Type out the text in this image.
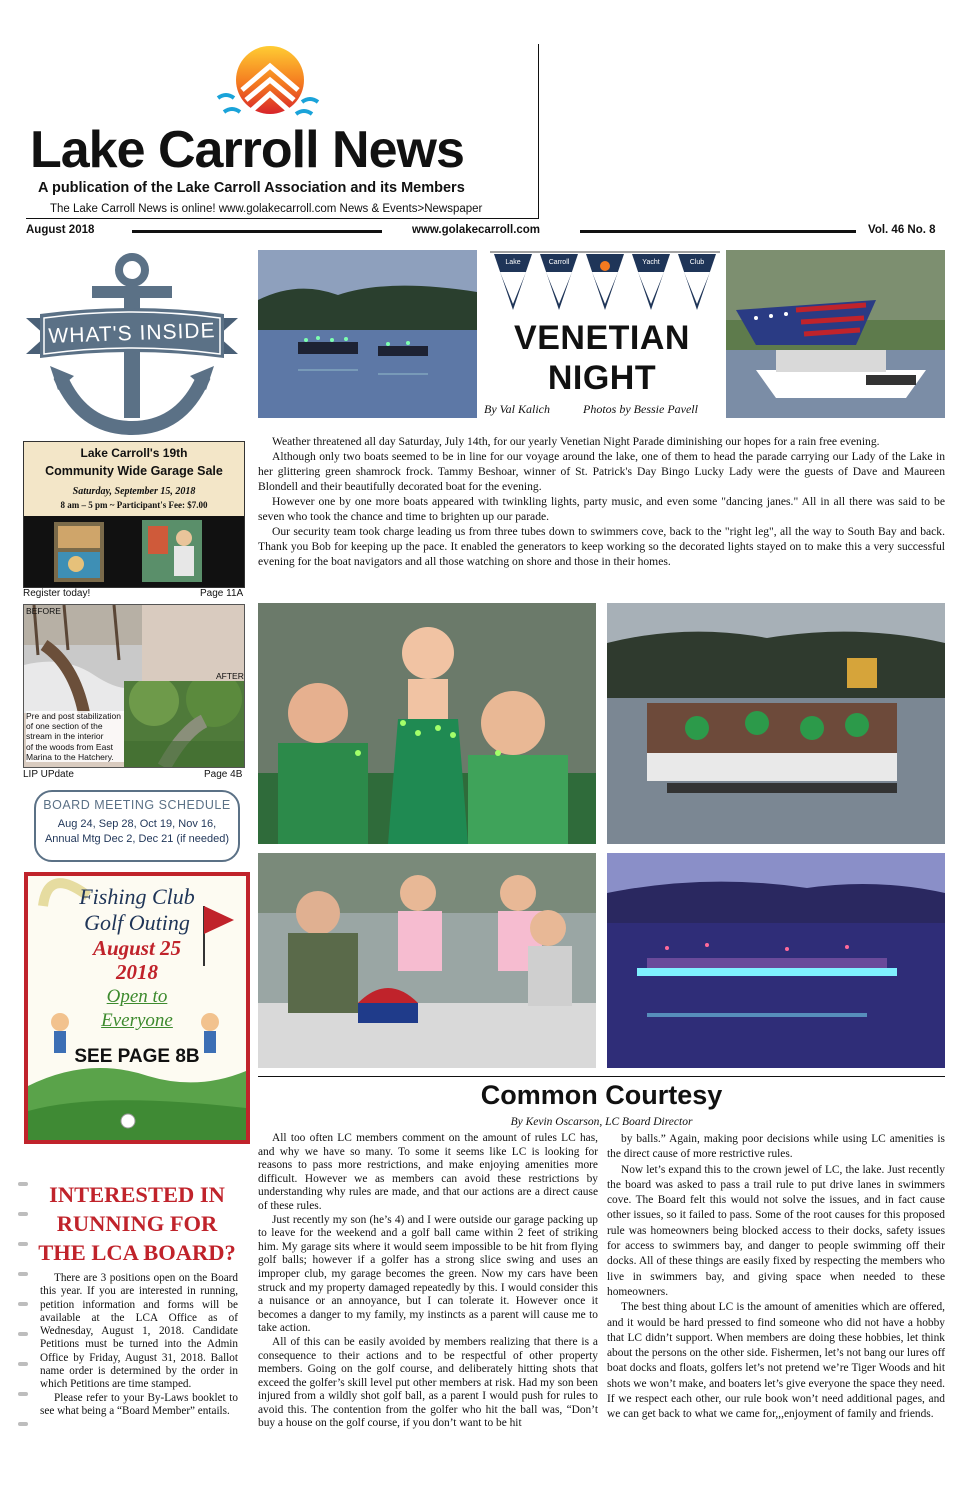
Lake Carroll News
A publication of the Lake Carroll Association and its Members
The Lake Carroll News is online! www.golakecarroll.com News & Events>Newspaper
August 2018	www.golakecarroll.com	Vol. 46 No. 8
WHAT'S INSIDE
Lake Carroll's 19th
Community Wide Garage Sale
Saturday, September 15, 2018
8 am – 5 pm ~ Participant's Fee: $7.00
Register today!	Page 11A
BEFORE
AFTER
Pre and post stabilization
of one section of the
stream in the interior
of the woods from East
Marina to the Hatchery.
LIP UPdate	Page 4B
BOARD MEETING SCHEDULE
Aug 24, Sep 28, Oct 19, Nov 16,
Annual Mtg Dec 2, Dec 21 (if needed)
Fishing Club
Golf Outing
August 25
2018
Open to
Everyone
SEE PAGE 8B
INTERESTED IN
RUNNING FOR
THE LCA BOARD?

There are 3 positions open on the Board this year. If you are interested in running, petition information and forms will be available at the LCA Office as of Wednesday, August 1, 2018. Candidate Petitions must be turned into the Admin Office by Friday, August 31, 2018. Ballot name order is determined by the order in which Petitions are time stamped.

Please refer to your By-Laws booklet to see what being a “Board Member” entails.

Lake	Carroll	Yacht	Club
VENETIAN
NIGHT
By Val Kalich	Photos by Bessie Pavell

Weather threatened all day Saturday, July 14th, for our yearly Venetian Night Parade diminishing our hopes for a rain free evening.

Although only two boats seemed to be in line for our voyage around the lake, one of them to head the parade carrying our Lady of the Lake in her glittering green shamrock frock. Tammy Beshoar, winner of St. Patrick's Day Bingo Lucky Lady were the guests of Dave and Maureen Blondell and their beautifully decorated boat for the evening.

However one by one more boats appeared with twinkling lights, party music, and even some "dancing janes." All in all there was said to be seven who took the chance and time to brighten up our parade.

Our security team took charge leading us from three tubes down to swimmers cove, back to the "right leg", all the way to South Bay and back. Thank you Bob for keeping up the pace. It enabled the generators to keep working so the decorated lights stayed on to make this a very successful evening for the boat navigators and all those watching on shore and those in their homes.

Common Courtesy
By Kevin Oscarson, LC Board Director

All too often LC members comment on the amount of rules LC has, and why we have so many. To some it seems like LC is looking for reasons to pass more restrictions, and make enjoying amenities more difficult. However we as members can avoid these restrictions by understanding why rules are made, and that our actions are a direct cause of these rules.

Just recently my son (he’s 4) and I were outside our garage packing up to leave for the weekend and a golf ball came within 2 feet of striking him. My garage sits where it would seem impossible to be hit from flying golf balls; however if a golfer has a strong slice swing and uses an improper club, my garage becomes the green. Now my cars have been struck and my property damaged repeatedly by this. I would consider this a nuisance or an annoyance, but I can tolerate it. However once it becomes a danger to my family, my instincts as a parent will cause me to take action.

All of this can be easily avoided by members realizing that there is a consequence to their actions and to be respectful of other property members. Going on the golf course, and deliberately hitting shots that exceed the golfer’s skill level put other members at risk. Had my son been injured from a wildly shot golf ball, as a parent I would push for rules to avoid this. The contention from the golfer who hit the ball was, “Don’t buy a house on the golf course, if you don’t want to be hit

by balls.” Again, making poor decisions while using LC amenities is the direct cause of more restrictive rules.

Now let’s expand this to the crown jewel of LC, the lake. Just recently the board was asked to pass a trail rule to put drive lanes in swimmers cove. The Board felt this would not solve the issues, and in fact cause other issues, so it failed to pass. Some of the root causes for this proposed rule was homeowners being blocked access to their docks, safety issues for access to swimmers bay, and danger to people swimming off their docks. All of these things are easily fixed by respecting the members who live in swimmers bay, and giving space when needed to these homeowners.

The best thing about LC is the amount of amenities which are offered, and it would be hard pressed to find someone who did not have a hobby that LC didn’t support. When members are doing these hobbies, let think about the persons on the other side. Fishermen, let’s not bang our lures off boat docks and floats, golfers let’s not pretend we’re Tiger Woods and hit shots we won’t make, and boaters let’s give everyone the space they need. If we respect each other, our rule book won’t need additional pages, and we can get back to what we came for,,,enjoyment of family and friends.
